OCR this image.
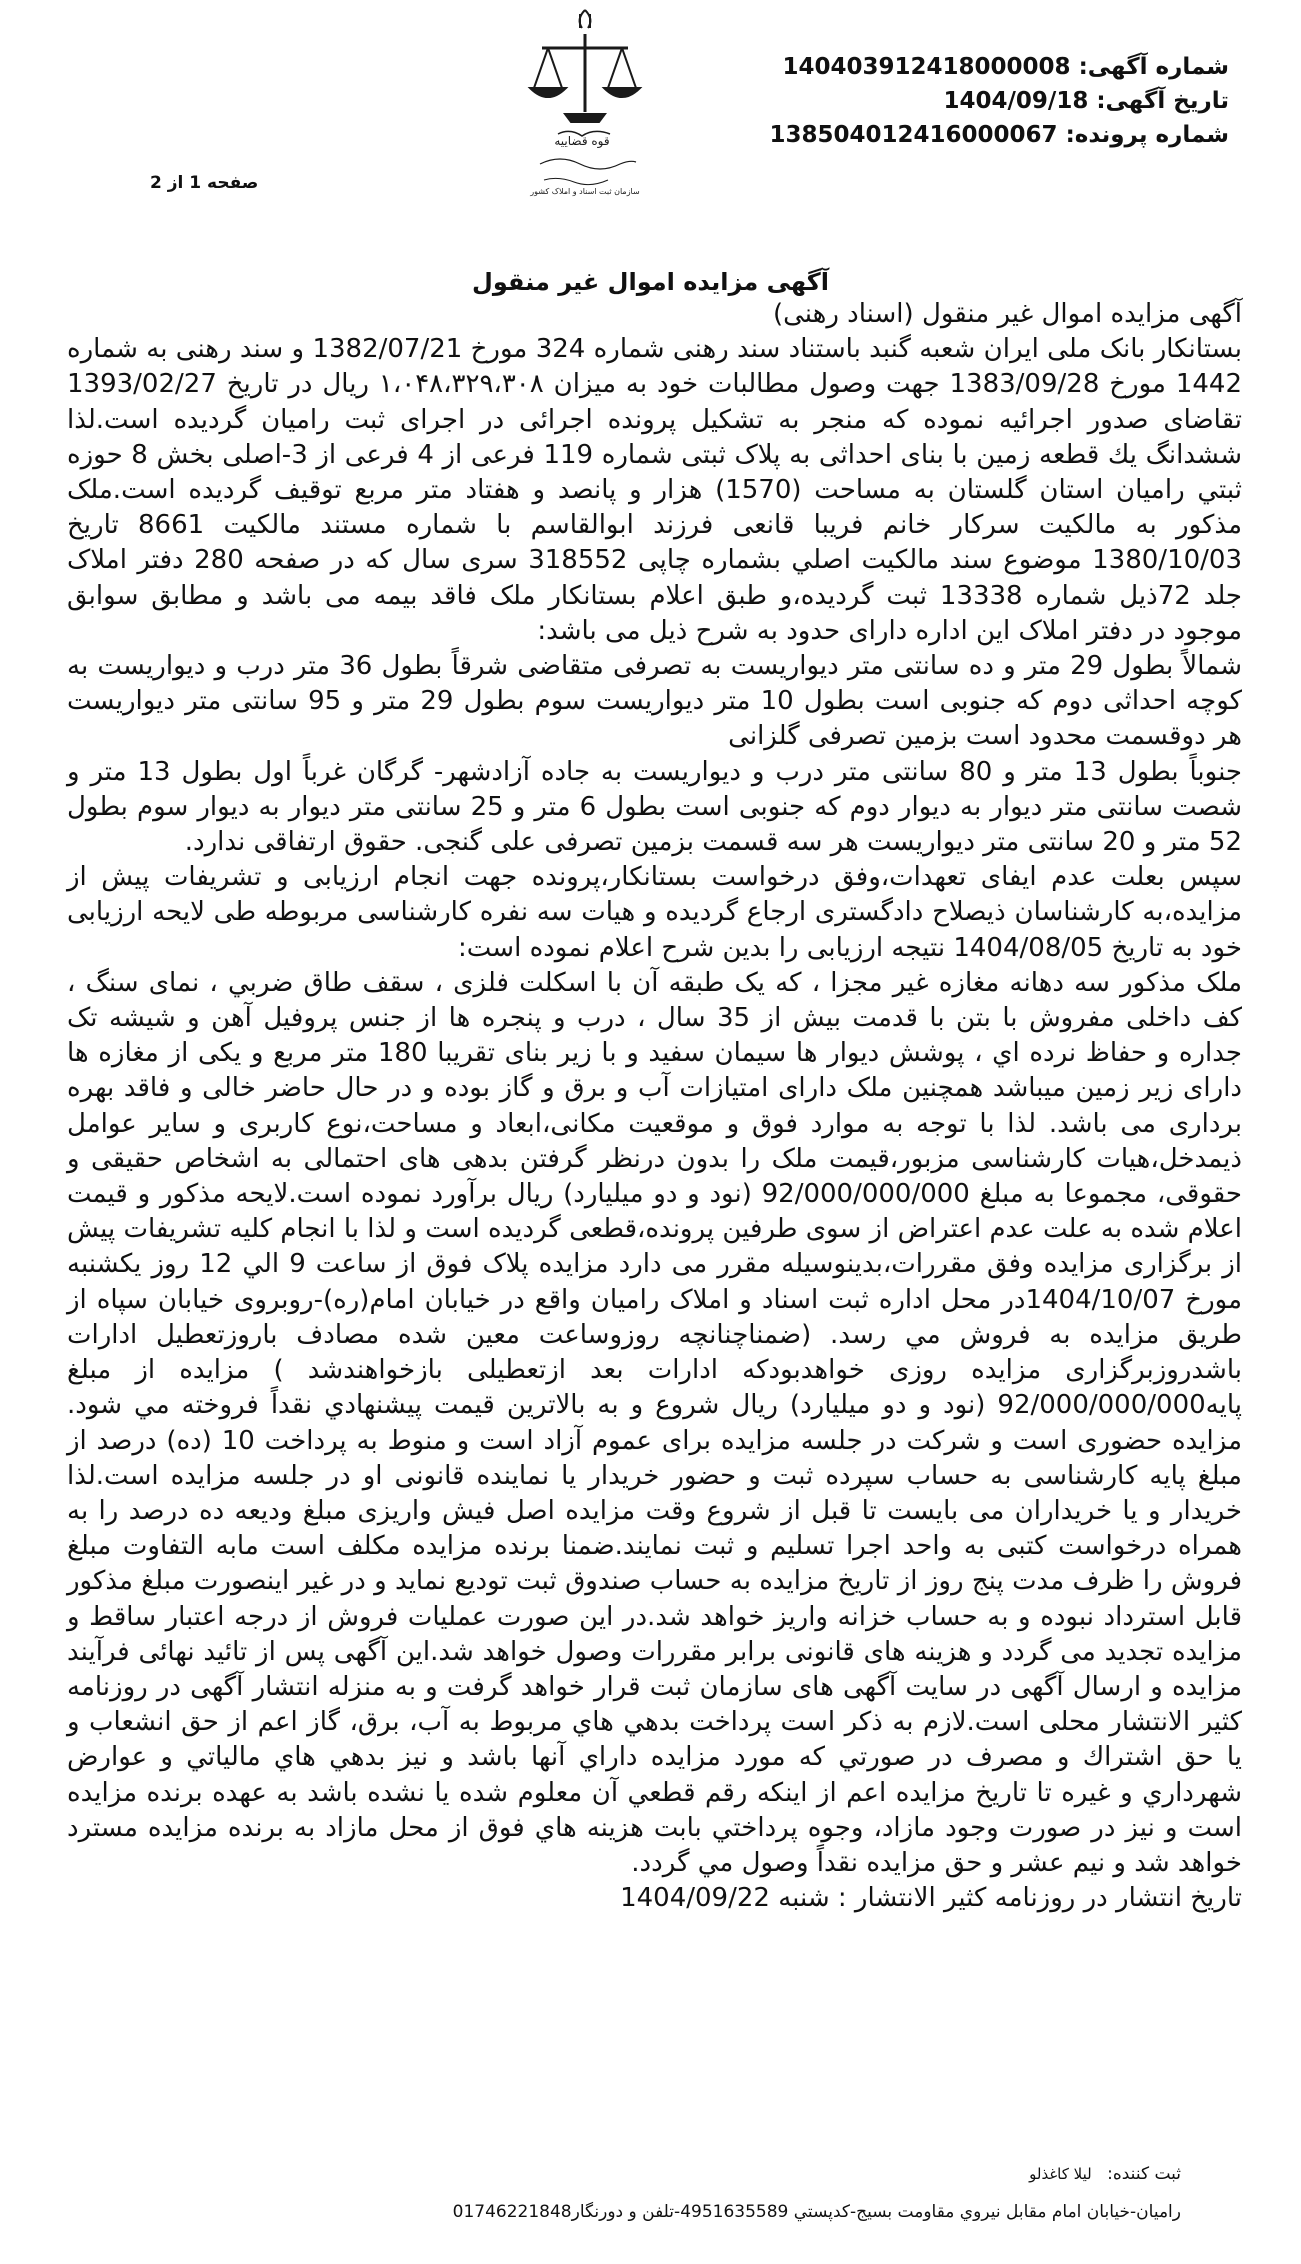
شماره آگهی: 140403912418000008
تاریخ آگهی: 1404/09/18
شماره پرونده: 138504012416000067
قوه قضاییه
سازمان ثبت اسناد و املاک کشور
صفحه 1 از 2
آگهی مزایده اموال غیر منقول

آگهی مزایده اموال غیر منقول (اسناد رهنی)

بستانکار بانک ملی ایران شعبه گنبد باستناد سند رهنی شماره 324 مورخ 1382/07/21 و سند رهنی به شماره 1442 مورخ 1383/09/28 جهت وصول مطالبات خود به میزان ۱،۰۴۸،۳۲۹،۳۰۸ ریال در تاریخ 1393/02/27 تقاضای صدور اجرائیه نموده که منجر به تشکیل پرونده اجرائی در اجرای ثبت رامیان گردیده است.لذا ششدانگ يك قطعه زمین با بنای احداثی به پلاک ثبتی شماره 119 فرعی از 4 فرعی از 3-اصلی بخش 8 حوزه ثبتي رامیان استان گلستان به مساحت (1570) هزار و پانصد و هفتاد متر مربع توقیف گردیده است.ملک مذکور به مالکیت سرکار خانم فریبا قانعی فرزند ابوالقاسم با شماره مستند مالکیت 8661 تاریخ 1380/10/03 موضوع سند مالکیت اصلي بشماره چاپی 318552 سری سال که در صفحه 280 دفتر املاک جلد 72ذیل شماره 13338 ثبت گردیده،و طبق اعلام بستانکار ملک فاقد بیمه می باشد و مطابق سوابق موجود در دفتر املاک این اداره دارای حدود به شرح ذیل می باشد:

شمالاً بطول 29 متر و ده سانتی متر دیواریست به تصرفی متقاضی شرقاً بطول 36 متر درب و دیواریست به کوچه احداثی دوم که جنوبی است بطول 10 متر دیواریست سوم بطول 29 متر و 95 سانتی متر دیواریست هر دوقسمت محدود است بزمین تصرفی گلزانی

جنوباً بطول 13 متر و 80 سانتی متر درب و دیواریست به جاده آزادشهر- گرگان غرباً اول بطول 13 متر و شصت سانتی متر دیوار به دیوار دوم که جنوبی است بطول 6 متر و 25 سانتی متر دیوار به دیوار سوم بطول 52 متر و 20 سانتی متر دیواریست هر سه قسمت بزمین تصرفی علی گنجی. حقوق ارتفاقی ندارد.

سپس بعلت عدم ایفای تعهدات،وفق درخواست بستانکار،پرونده جهت انجام ارزیابی و تشریفات پیش از مزایده،به کارشناسان ذیصلاح دادگستری ارجاع گردیده و هیات سه نفره کارشناسی مربوطه طی لایحه ارزیابی خود به تاریخ 1404/08/05 نتیجه ارزیابی را بدین شرح اعلام نموده است:

ملک مذکور سه دهانه مغازه غیر مجزا ، که یک طبقه آن با اسکلت فلزی ، سقف طاق ضربي ، نمای سنگ ، کف داخلی مفروش با بتن با قدمت بیش از 35 سال ، درب و پنجره ها از جنس پروفیل آهن و شیشه تک جداره و حفاظ نرده اي ، پوشش دیوار ها سیمان سفید و با زیر بنای تقریبا 180 متر مربع و یکی از مغازه ها دارای زیر زمین میباشد همچنین ملک دارای امتیازات آب و برق و گاز بوده و در حال حاضر خالی و فاقد بهره برداری می باشد. لذا با توجه به موارد فوق و موقعیت مکانی،ابعاد و مساحت،نوع کاربری و سایر عوامل ذیمدخل،هیات کارشناسی مزبور،قیمت ملک را بدون درنظر گرفتن بدهی های احتمالی به اشخاص حقیقی و حقوقی، مجموعا به مبلغ 92/000/000/000 (نود و دو میلیارد) ریال برآورد نموده است.لایحه مذکور و قیمت اعلام شده به علت عدم اعتراض از سوی طرفین پرونده،قطعی گردیده است و لذا با انجام کلیه تشریفات پیش از برگزاری مزایده وفق مقررات،بدینوسیله مقرر می دارد مزایده پلاک فوق از ساعت 9 الي 12 روز یکشنبه مورخ 1404/10/07در محل اداره ثبت اسناد و املاک رامیان واقع در خیابان امام(ره)-روبروی خیابان سپاه از طریق مزایده به فروش مي رسد. (ضمناچنانچه روزوساعت معین شده مصادف باروزتعطیل ادارات باشدروزبرگزاری مزایده روزی خواهدبودکه ادارات بعد ازتعطیلی بازخواهندشد ) مزایده از مبلغ پایه92/000/000/000 (نود و دو میلیارد) ریال شروع و به بالاترین قیمت پیشنهادي نقداً فروخته مي شود. مزایده حضوری است و شرکت در جلسه مزایده برای عموم آزاد است و منوط به پرداخت 10 (ده) درصد از مبلغ پایه کارشناسی به حساب سپرده ثبت و حضور خریدار یا نماینده قانونی او در جلسه مزایده است.لذا خریدار و یا خریداران می بایست تا قبل از شروع وقت مزایده اصل فیش واریزی مبلغ ودیعه ده درصد را به همراه درخواست کتبی به واحد اجرا تسلیم و ثبت نمایند.ضمنا برنده مزایده مکلف است مابه التفاوت مبلغ فروش را ظرف مدت پنج روز از تاریخ مزایده به حساب صندوق ثبت تودیع نماید و در غیر اینصورت مبلغ مذکور قابل استرداد نبوده و به حساب خزانه واریز خواهد شد.در این صورت عملیات فروش از درجه اعتبار ساقط و مزایده تجدید می گردد و هزینه های قانونی برابر مقررات وصول خواهد شد.این آگهی پس از تائید نهائی فرآیند مزایده و ارسال آگهی در سایت آگهی های سازمان ثبت قرار خواهد گرفت و به منزله انتشار آگهی در روزنامه کثیر الانتشار محلی است.لازم به ذکر است پرداخت بدهي هاي مربوط به آب، برق، گاز اعم از حق انشعاب و یا حق اشتراك و مصرف در صورتي كه مورد مزایده داراي آنها باشد و نیز بدهي هاي مالیاتي و عوارض شهرداري و غیره تا تاریخ مزایده اعم از اینکه رقم قطعي آن معلوم شده یا نشده باشد به عهده برنده مزایده است و نیز در صورت وجود مازاد، وجوه پرداختي بابت هزینه هاي فوق از محل مازاد به برنده مزایده مسترد خواهد شد و نیم عشر و حق مزایده نقداً وصول مي گردد.

تاریخ انتشار در روزنامه کثیر الانتشار : شنبه 1404/09/22

ثبت کننده: لیلا کاغذلو
رامیان-خیابان امام مقابل نیروي مقاومت بسیج-کدپستي 4951635589-تلفن و دورنگار01746221848
